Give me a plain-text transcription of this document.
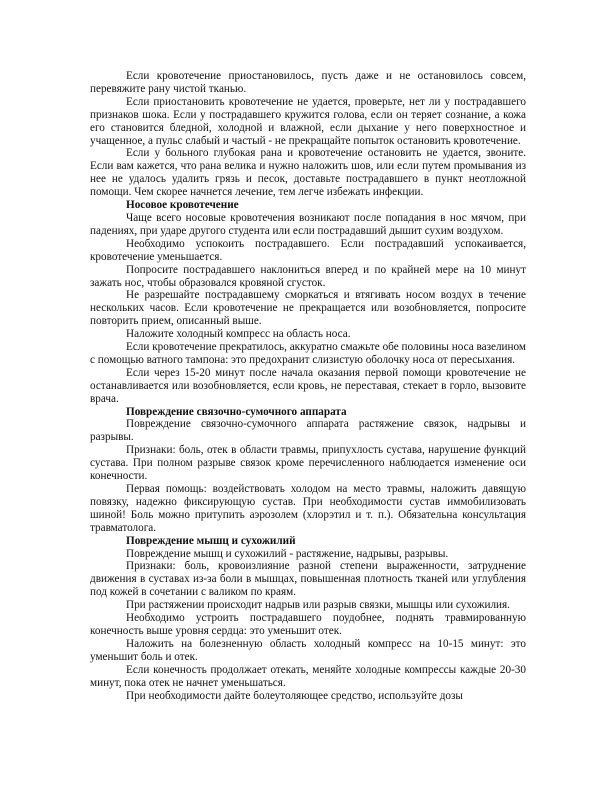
Если кровотечение приостановилось, пусть даже и не остановилось совсем, перевяжите рану чистой тканью.

Если приостановить кровотечение не удается, проверьте, нет ли у пострадавшего признаков шока. Если у пострадавшего кружится голова, если он теряет сознание, а кожа его становится бледной, холодной и влажной, если дыхание у него поверхностное и учащенное, а пульс слабый и частый - не прекращайте попыток остановить кровотечение.

Если у больного глубокая рана и кровотечение остановить не удается, звоните. Если вам кажется, что рана велика и нужно наложить шов, или если путем промывания из нее не удалось удалить грязь и песок, доставьте пострадавшего в пункт неотложной помощи. Чем скорее начнется лечение, тем легче избежать инфекции.

Носовое кровотечение

Чаще всего носовые кровотечения возникают после попадания в нос мячом, при падениях, при ударе другого студента или если пострадавший дышит сухим воздухом.

Необходимо успокоить пострадавшего. Если пострадавший успокаивается, кровотечение уменьшается.

Попросите пострадавшего наклониться вперед и по крайней мере на 10 минут зажать нос, чтобы образовался кровяной сгусток.

Не разрешайте пострадавшему сморкаться и втягивать носом воздух в течение нескольких часов. Если кровотечение не прекращается или возобновляется, попросите повторить прием, описанный выше.

Наложите холодный компресс на область носа.

Если кровотечение прекратилось, аккуратно смажьте обе половины носа вазелином с помощью ватного тампона: это предохранит слизистую оболочку носа от пересыхания.

Если через 15-20 минут после начала оказания первой помощи кровотечение не останавливается или возобновляется, если кровь, не переставая, стекает в горло, вызовите врача.

Повреждение связочно-сумочного аппарата

Повреждение связочно-сумочного аппарата растяжение связок, надрывы и разрывы.

Признаки: боль, отек в области травмы, припухлость сустава, нарушение функций сустава. При полном разрыве связок кроме перечисленного наблюдается изменение оси конечности.

Первая помощь: воздействовать холодом на место травмы, наложить давящую повязку, надежно фиксирующую сустав. При необходимости сустав иммобилизовать шиной! Боль можно притупить аэрозолем (хлорэтил и т. п.). Обязательна консультация травматолога.

Повреждение мышц и сухожилий

Повреждение мышц и сухожилий - растяжение, надрывы, разрывы.

Признаки: боль, кровоизлияние разной степени выраженности, затруднение движения в суставах из-за боли в мышцах, повышенная плотность тканей или углубления под кожей в сочетании с валиком по краям.

При растяжении происходит надрыв или разрыв связки, мышцы или сухожилия.

Необходимо устроить пострадавшего поудобнее, поднять травмированную конечность выше уровня сердца: это уменьшит отек.

Наложить на болезненную область холодный компресс на 10-15 минут: это уменьшит боль и отек.

Если конечность продолжает отекать, меняйте холодные компрессы каждые 20-30 минут, пока отек не начнет уменьшаться.

При необходимости дайте болеутоляющее средство, используйте дозы
